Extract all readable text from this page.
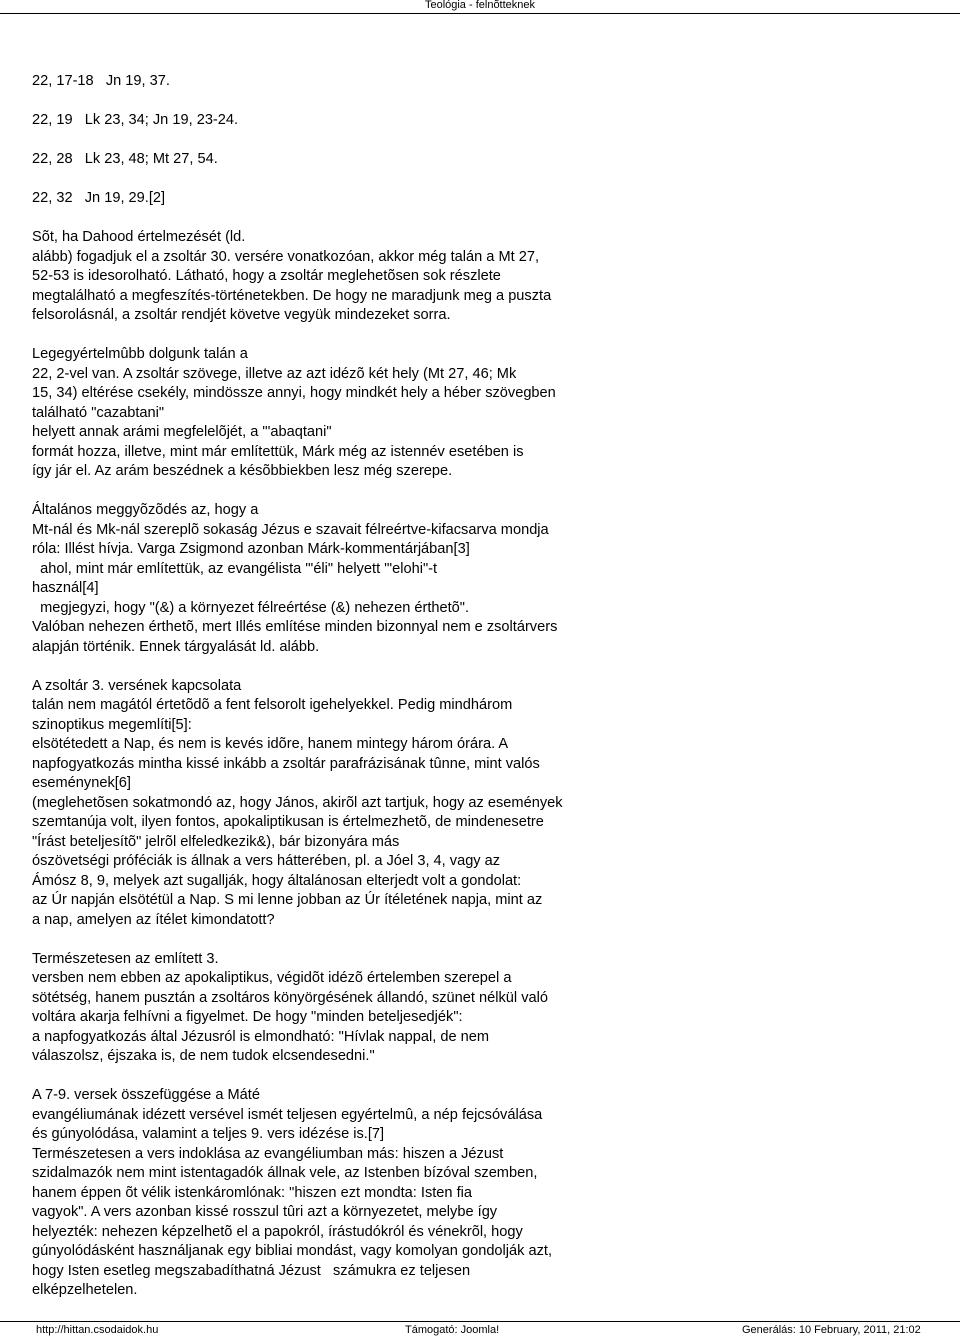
Teológia - felnõtteknek
22, 17-18   Jn 19, 37.
22, 19   Lk 23, 34; Jn 19, 23-24.
22, 28   Lk 23, 48; Mt 27, 54.
22, 32   Jn 19, 29.[2]
Sõt, ha Dahood értelmezését (ld.
alább) fogadjuk el a zsoltár 30. versére vonatkozóan, akkor még talán a Mt 27,
52-53 is idesorolható. Látható, hogy a zsoltár meglehetõsen sok részlete
megtalálható a megfeszítés-történetekben. De hogy ne maradjunk meg a puszta
felsorolásnál, a zsoltár rendjét követve vegyük mindezeket sorra.
Legegyértelmûbb dolgunk talán a
22, 2-vel van. A zsoltár szövege, illetve az azt idézõ két hely (Mt 27, 46; Mk
15, 34) eltérése csekély, mindössze annyi, hogy mindkét hely a héber szövegben
található "cazabtani"
helyett annak arámi megfelelõjét, a "'abaqtani"
formát hozza, illetve, mint már említettük, Márk még az istennév esetében is
így jár el. Az arám beszédnek a késõbbiekben lesz még szerepe.
Általános meggyõzõdés az, hogy a
Mt-nál és Mk-nál szereplõ sokaság Jézus e szavait félreértve-kifacsarva mondja
róla: Illést hívja. Varga Zsigmond azonban Márk-kommentárjában[3]
ahol, mint már említettük, az evangélista "'éli" helyett "'elohi"-t
használ[4]
megjegyzi, hogy "(&) a környezet félreértése (&) nehezen érthetõ".
Valóban nehezen érthetõ, mert Illés említése minden bizonnyal nem e zsoltárvers
alapján történik. Ennek tárgyalását ld. alább.
A zsoltár 3. versének kapcsolata
talán nem magától értetõdõ a fent felsorolt igehelyekkel. Pedig mindhárom
szinoptikus megemlíti[5]:
elsötétedett a Nap, és nem is kevés idõre, hanem mintegy három órára. A
napfogyatkozás mintha kissé inkább a zsoltár parafrázisának tûnne, mint valós
eseménynek[6]
(meglehetõsen sokatmondó az, hogy János, akirõl azt tartjuk, hogy az események
szemtanúja volt, ilyen fontos, apokaliptikusan is értelmezhetõ, de mindenesetre
"Írást beteljesítõ" jelrõl elfeledkezik&), bár bizonyára más
ószövetségi próféciák is állnak a vers hátterében, pl. a Jóel 3, 4, vagy az
Ámósz 8, 9, melyek azt sugallják, hogy általánosan elterjedt volt a gondolat:
az Úr napján elsötétül a Nap. S mi lenne jobban az Úr ítéletének napja, mint az
a nap, amelyen az ítélet kimondatott?
Természetesen az említett 3.
versben nem ebben az apokaliptikus, végidõt idézõ értelemben szerepel a
sötétség, hanem pusztán a zsoltáros könyörgésének állandó, szünet nélkül való
voltára akarja felhívni a figyelmet. De hogy "minden beteljesedjék":
a napfogyatkozás által Jézusról is elmondható: "Hívlak nappal, de nem
válaszolsz, éjszaka is, de nem tudok elcsendesedni."
A 7-9. versek összefüggése a Máté
evangéliumának idézett versével ismét teljesen egyértelmû, a nép fejcsóválása
és gúnyolódása, valamint a teljes 9. vers idézése is.[7]
Természetesen a vers indoklása az evangéliumban más: hiszen a Jézust
szidalmazók nem mint istentagadók állnak vele, az Istenben bízóval szemben,
hanem éppen õt vélik istenkáromlónak: "hiszen ezt mondta: Isten fia
vagyok". A vers azonban kissé rosszul tûri azt a környezetet, melybe így
helyezték: nehezen képzelhetõ el a papokról, írástudókról és vénekrõl, hogy
gúnyolódásként használjanak egy bibliai mondást, vagy komolyan gondolják azt,
hogy Isten esetleg megszabadíthatná Jézust   számukra ez teljesen
elképzelhetelen.
http://hittan.csodaidok.hu	Támogató: Joomla!	Generálás: 10 February, 2011, 21:02
